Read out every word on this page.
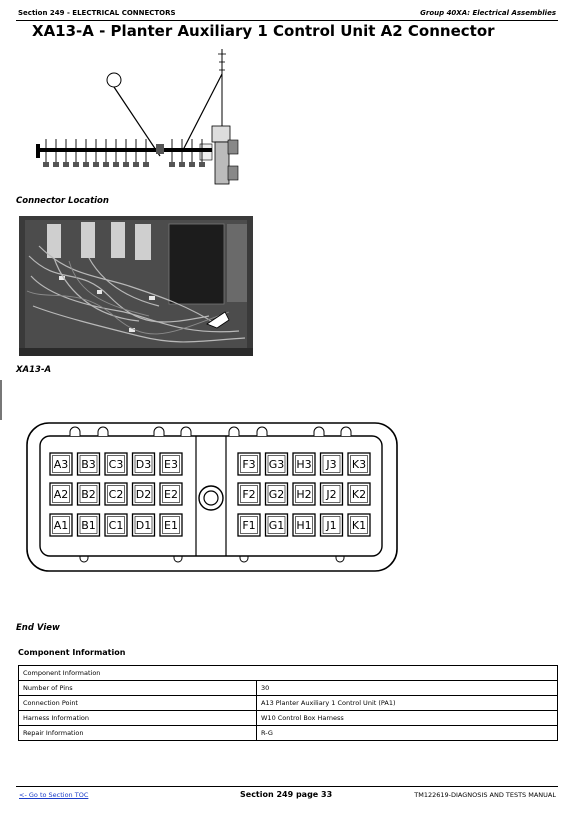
Section 249 - ELECTRICAL CONNECTORS	Group 40XA: Electrical Assemblies
XA13-A - Planter Auxiliary 1 Control Unit A2 Connector
Connector Location
XA13-A
A3 B3 C3 D3 E3
A2 B2 C2 D2 E2
A1 B1 C1 D1 E1
F3 G3 H3 J3 K3
F2 G2 H2 J2 K2
F1 G1 H1 J1 K1
End View
Component Information
Component Information	
Number of Pins	30
Connection Point	A13 Planter Auxiliary 1 Control Unit (PA1)
Harness Information	W10 Control Box Harness
Repair Information	R-G
<- Go to Section TOC	Section 249 page 33	TM122619-DIAGNOSIS AND TESTS MANUAL
